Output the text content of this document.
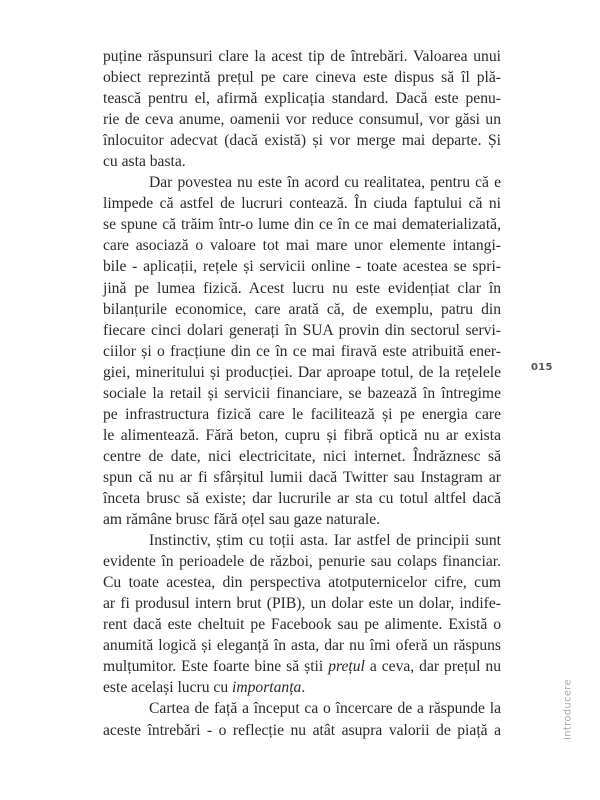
puține răspunsuri clare la acest tip de întrebări. Valoarea unui
obiect reprezintă prețul pe care cineva este dispus să îl plă-
tească pentru el, afirmă explicația standard. Dacă este penu-
rie de ceva anume, oamenii vor reduce consumul, vor găsi un
înlocuitor adecvat (dacă există) și vor merge mai departe. Și
cu asta basta.
Dar povestea nu este în acord cu realitatea, pentru că e
limpede că astfel de lucruri contează. În ciuda faptului că ni
se spune că trăim într-o lume din ce în ce mai dematerializată,
care asociază o valoare tot mai mare unor elemente intangi-
bile - aplicații, rețele și servicii online - toate acestea se spri-
jină pe lumea fizică. Acest lucru nu este evidențiat clar în
bilanțurile economice, care arată că, de exemplu, patru din
fiecare cinci dolari generați în SUA provin din sectorul servi-
ciilor și o fracțiune din ce în ce mai firavă este atribuită ener-
giei, mineritului și producției. Dar aproape totul, de la rețelele
sociale la retail și servicii financiare, se bazează în întregime
pe infrastructura fizică care le facilitează și pe energia care
le alimentează. Fără beton, cupru și fibră optică nu ar exista
centre de date, nici electricitate, nici internet. Îndrăznesc să
spun că nu ar fi sfârșitul lumii dacă Twitter sau Instagram ar
înceta brusc să existe; dar lucrurile ar sta cu totul altfel dacă
am rămâne brusc fără oțel sau gaze naturale.
Instinctiv, știm cu toții asta. Iar astfel de principii sunt
evidente în perioadele de război, penurie sau colaps financiar.
Cu toate acestea, din perspectiva atotputernicelor cifre, cum
ar fi produsul intern brut (PIB), un dolar este un dolar, indife-
rent dacă este cheltuit pe Facebook sau pe alimente. Există o
anumită logică și eleganță în asta, dar nu îmi oferă un răspuns
mulțumitor. Este foarte bine să știi prețul a ceva, dar prețul nu
este același lucru cu importanța.
Cartea de față a început ca o încercare de a răspunde la
aceste întrebări - o reflecție nu atât asupra valorii de piață a
015
Introducere
